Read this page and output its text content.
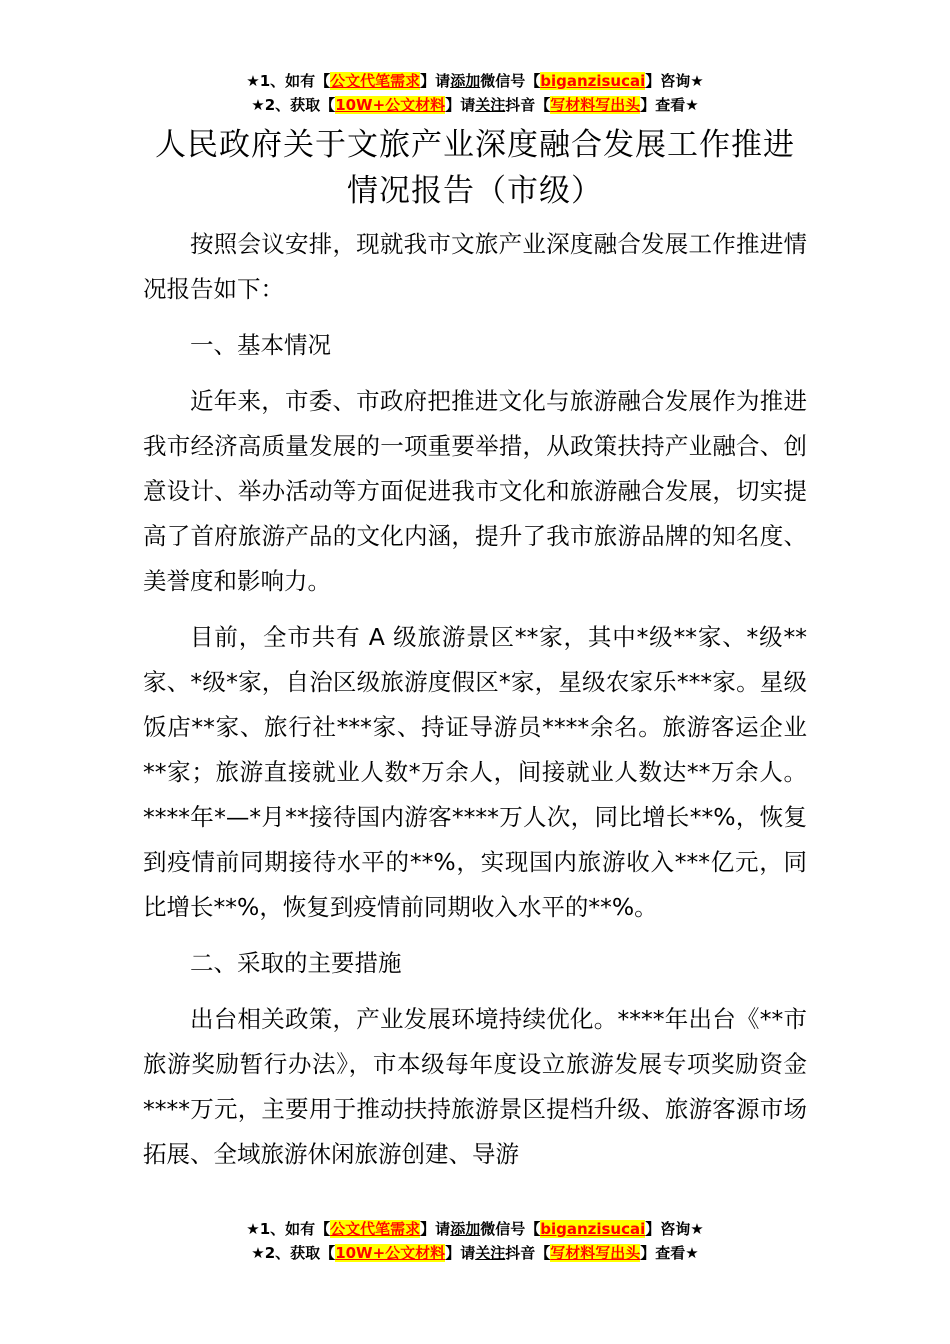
★1、如有【公文代笔需求】请添加微信号【biganzisucai】咨询★
★2、获取【10W+公文材料】请关注抖音【写材料写出头】查看★
人民政府关于文旅产业深度融合发展工作推进情况报告（市级）

按照会议安排，现就我市文旅产业深度融合发展工作推进情况报告如下：

一、基本情况

近年来，市委、市政府把推进文化与旅游融合发展作为推进我市经济高质量发展的一项重要举措，从政策扶持产业融合、创意设计、举办活动等方面促进我市文化和旅游融合发展，切实提高了首府旅游产品的文化内涵，提升了我市旅游品牌的知名度、美誉度和影响力。

目前，全市共有 A 级旅游景区**家，其中*级**家、*级**家、*级*家，自治区级旅游度假区*家，星级农家乐***家。星级饭店**家、旅行社***家、持证导游员****余名。旅游客运企业**家；旅游直接就业人数*万余人，间接就业人数达**万余人。****年*—*月**接待国内游客****万人次，同比增长**%，恢复到疫情前同期接待水平的**%，实现国内旅游收入***亿元，同比增长**%，恢复到疫情前同期收入水平的**%。

二、采取的主要措施

出台相关政策，产业发展环境持续优化。****年出台《**市旅游奖励暂行办法》，市本级每年度设立旅游发展专项奖励资金****万元，主要用于推动扶持旅游景区提档升级、旅游客源市场拓展、全域旅游休闲旅游创建、导游

★1、如有【公文代笔需求】请添加微信号【biganzisucai】咨询★
★2、获取【10W+公文材料】请关注抖音【写材料写出头】查看★
